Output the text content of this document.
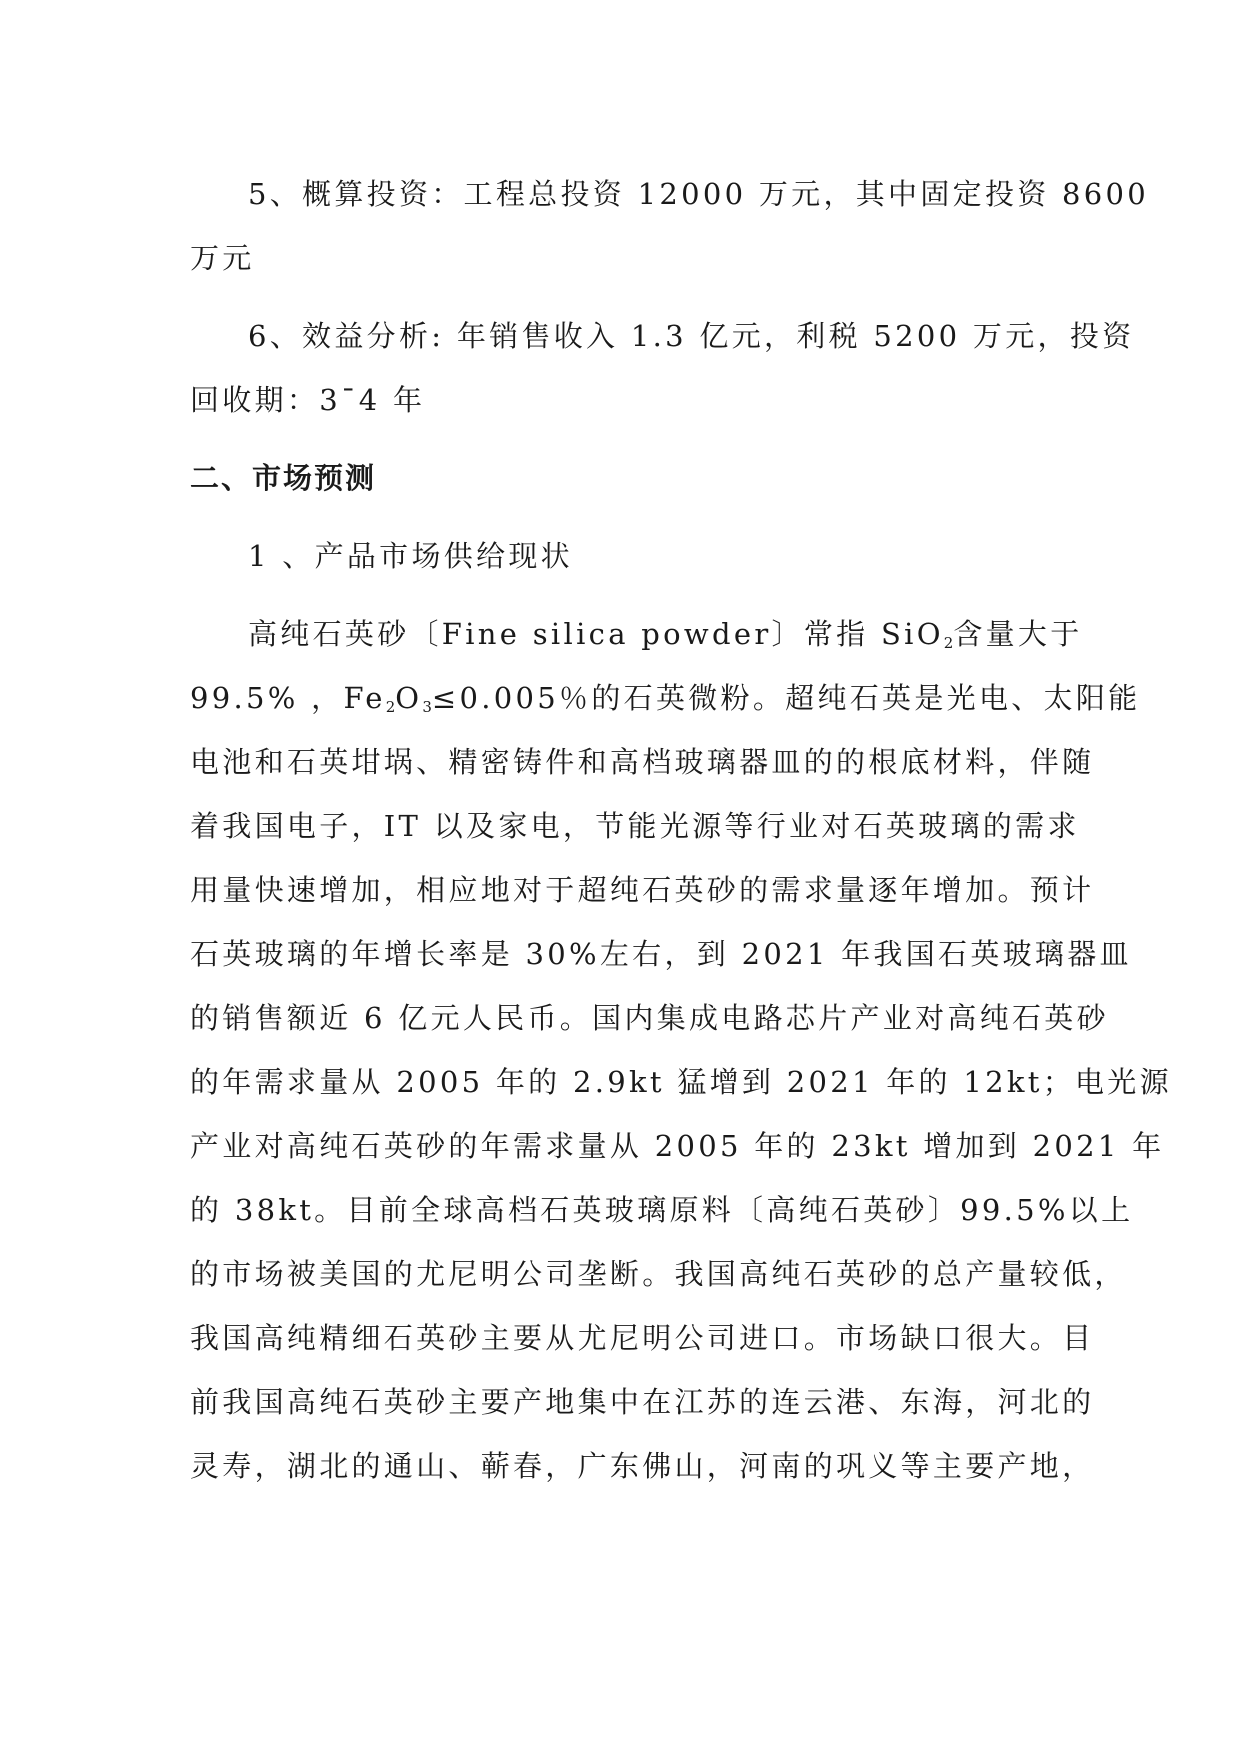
5、概算投资：工程总投资 12000 万元，其中固定投资 8600
万元
6、效益分析: 年销售收入 1.3 亿元，利税 5200 万元，投资
回收期：3¯4 年
二、市场预测
1 、产品市场供给现状
高纯石英砂〔Fine silica powder〕常指 SiO$_2$含量大于
99.5% ，$Fe_2O_3\le 0.005$％的石英微粉。超纯石英是光电、太阳能
电池和石英坩埚、精密铸件和高档玻璃器皿的的根底材料，伴随
着我国电子，IT 以及家电，节能光源等行业对石英玻璃的需求
用量快速增加，相应地对于超纯石英砂的需求量逐年增加。预计
石英玻璃的年增长率是 30%左右，到 2021 年我国石英玻璃器皿
的销售额近 6 亿元人民币。国内集成电路芯片产业对高纯石英砂
的年需求量从 2005 年的 2.9kt 猛增到 2021 年的 12kt；电光源
产业对高纯石英砂的年需求量从 2005 年的 23kt 增加到 2021 年
的 38kt。目前全球高档石英玻璃原料〔高纯石英砂〕99.5%以上
的市场被美国的尤尼明公司垄断。我国高纯石英砂的总产量较低，
我国高纯精细石英砂主要从尤尼明公司进口。市场缺口很大。目
前我国高纯石英砂主要产地集中在江苏的连云港、东海，河北的
灵寿，湖北的通山、蕲春，广东佛山，河南的巩义等主要产地，
